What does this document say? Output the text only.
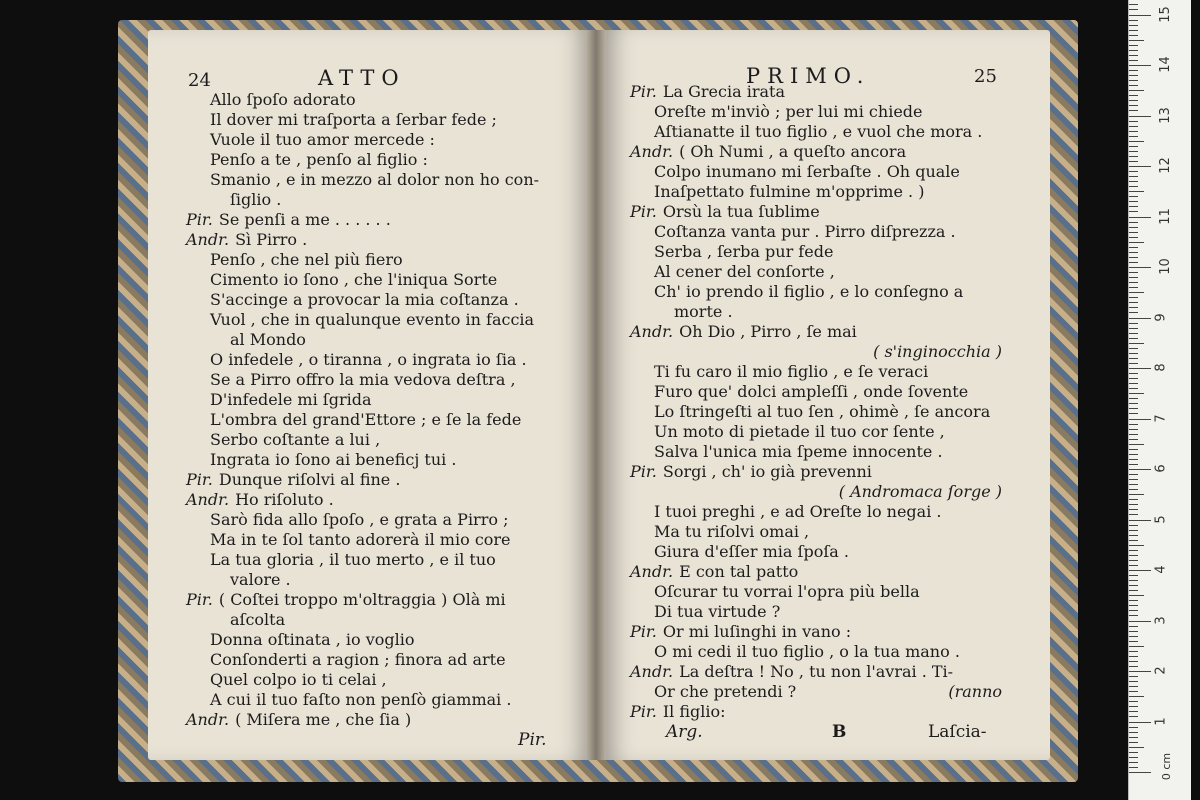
24	ATTO
Allo ſpoſo adorato
Il dover mi traſporta a ſerbar fede ;
Vuole il tuo amor mercede :
Penſo a te , penſo al figlio :
Smanio , e in mezzo al dolor non ho con-
ſiglio .
Pir. Se penſi a me . . . . . .
Andr. Sì Pirro .
Penſo , che nel più fiero
Cimento io ſono , che l'iniqua Sorte
S'accinge a provocar la mia coſtanza .
Vuol , che in qualunque evento in faccia
al Mondo
O infedele , o tiranna , o ingrata io ſia .
Se a Pirro offro la mia vedova deſtra ,
D'infedele mi ſgrida
L'ombra del grand'Ettore ; e ſe la fede
Serbo coſtante a lui ,
Ingrata io ſono ai beneficj tui .
Pir. Dunque riſolvi al fine .
Andr. Ho riſoluto .
Sarò fida allo ſpoſo , e grata a Pirro ;
Ma in te ſol tanto adorerà il mio core
La tua gloria , il tuo merto , e il tuo
valore .
Pir. ( Coſtei troppo m'oltraggia ) Olà mi
aſcolta
Donna oſtinata , io voglio
Conſonderti a ragion ; finora ad arte
Quel colpo io ti celai ,
A cui il tuo faſto non penſò giammai .
Andr. ( Miſera me , che ſia )
Pir.
PRIMO.	25
Pir. La Grecia irata
Oreſte m'inviò ; per lui mi chiede
Aſtianatte il tuo figlio , e vuol che mora .
Andr. ( Oh Numi , a queſto ancora
Colpo inumano mi ſerbaſte . Oh quale
Inaſpettato fulmine m'opprime . )
Pir. Orsù la tua ſublime
Coſtanza vanta pur . Pirro diſprezza .
Serba , ſerba pur fede
Al cener del conſorte ,
Ch' io prendo il figlio , e lo conſegno a
morte .
Andr. Oh Dio , Pirro , ſe mai
( s'inginocchia )
Ti fu caro il mio figlio , e ſe veraci
Furo que' dolci ampleſſi , onde ſovente
Lo ſtringeſti al tuo ſen , ohimè , ſe ancora
Un moto di pietade il tuo cor ſente ,
Salva l'unica mia ſpeme innocente .
Pir. Sorgi , ch' io già prevenni
( Andromaca ſorge )
I tuoi preghi , e ad Oreſte lo negai .
Ma tu riſolvi omai ,
Giura d'eſſer mia ſpoſa .
Andr. E con tal patto
Oſcurar tu vorrai l'opra più bella
Di tua virtude ?
Pir. Or mi luſinghi in vano :
O mi cedi il tuo figlio , o la tua mano .
Andr. La deſtra ! No , tu non l'avrai . Ti-
Or che pretendi ?	(ranno
Pir. Il figlio:
Arg.	B	Laſcia-
0 cm
15
14
13
12
11
10
9
8
7
6
5
4
3
2
1
